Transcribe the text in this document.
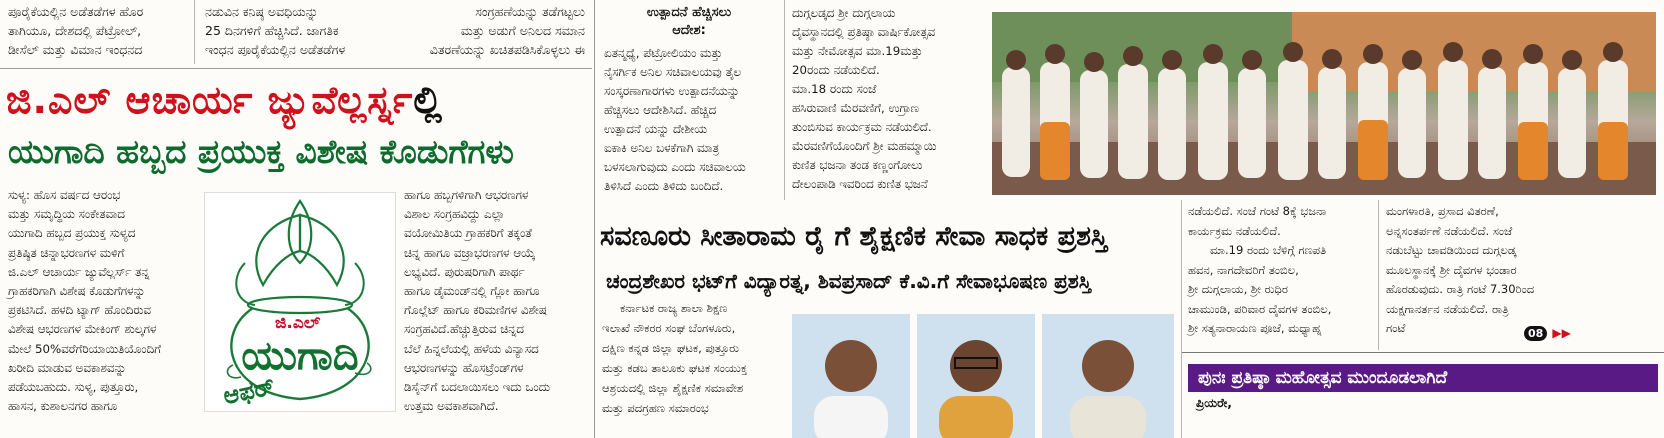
ಪೂರೈಕೆಯಲ್ಲಿನ ಅಡೆತಡೆಗಳ ಹೊರ

ತಾಗಿಯೂ, ದೇಶದಲ್ಲಿ ಪೆಟ್ರೋಲ್,

ಡೀಸೆಲ್ ಮತ್ತು ವಿಮಾನ ಇಂಧನದ

ನಡುವಿನ ಕನಿಷ್ಠ ಅವಧಿಯನ್ನು

25 ದಿನಗಳಿಗೆ ಹೆಚ್ಚಿಸಿದೆ. ಜಾಗತಿಕ

ಇಂಧನ ಪೂರೈಕೆಯಲ್ಲಿನ ಅಡೆತಡೆಗಳ

ಸಂಗ್ರಹಣೆಯನ್ನು ತಡೆಗಟ್ಟಲು

ಮತ್ತು ಅಡುಗೆ ಅನಿಲದ ಸಮಾನ

ವಿತರಣೆಯನ್ನು ಖಚಿತಪಡಿಸಿಕೊಳ್ಳಲು ಈ

ಜಿ.ಎಲ್ ಆಚಾರ್ಯ ಜ್ಯುವೆಲ್ಲರ್ಸ್ನಲ್ಲಿ
ಯುಗಾದಿ ಹಬ್ಬದ ಪ್ರಯುಕ್ತ ವಿಶೇಷ ಕೊಡುಗೆಗಳು

ಸುಳ್ಯ: ಹೊಸ ವರ್ಷದ ಆರಂಭ

ಮತ್ತು ಸಮೃದ್ಧಿಯ ಸಂಕೇತವಾದ

ಯುಗಾದಿ ಹಬ್ಬದ ಪ್ರಯುಕ್ತ ಸುಳ್ಯದ

ಪ್ರತಿಷ್ಠಿತ ಚಿನ್ನಾಭರಣಗಳ ಮಳಿಗೆ

ಜಿ.ಎಲ್ ಆಚಾರ್ಯ ಜ್ಯುವೆಲ್ಲರ್ಸ್ ತನ್ನ

ಗ್ರಾಹಕರಿಗಾಗಿ ವಿಶೇಷ ಕೊಡುಗೆಗಳನ್ನು

ಪ್ರಕಟಿಸಿದೆ. ಹಳದಿ ಟ್ಯಾಗ್ ಹೊಂದಿರುವ

ವಿಶೇಷ ಆಭರಣಗಳ ಮೇಕಿಂಗ್ ಶುಲ್ಕಗಳ

ಮೇಲೆ 50%ವರೆಗೆರಿಯಾಯಿತಿಯೊಂದಿಗೆ

ಖರೀದಿ ಮಾಡುವ ಅವಕಾಶವನ್ನು

ಪಡೆಯಬಹುದು. ಸುಳ್ಯ, ಪುತ್ತೂರು,

ಹಾಸನ, ಕುಶಾಲನಗರ ಹಾಗೂ

ಜಿ.ಎಲ್
ಯುಗಾದಿ
ಆಫರ್

ಹಾಗೂ ಹಬ್ಬಗಳಿಗಾಗಿ ಆಭರಣಗಳ

ವಿಶಾಲ ಸಂಗ್ರಹವಿದ್ದು ಎಲ್ಲಾ

ವಯೋಮಿತಿಯ ಗ್ರಾಹಕರಿಗೆ ತಕ್ಕಂತೆ

ಚಿನ್ನ ಹಾಗೂ ವಜ್ರಾಭರಣಗಳ ಆಯ್ಕೆ

ಲಭ್ಯವಿದೆ. ಪುರುಷರಿಗಾಗಿ ಪಾರ್ಥ

ಹಾಗೂ ಡೈಮಂಡ್‌ನಲ್ಲಿ ಗ್ಲೋ ಹಾಗೂ

ಗೊಲ್ಲೆಟ್ ಹಾಗೂ ಕರಿಮಣಿಗಳ ವಿಶೇಷ

ಸಂಗ್ರಹವಿದೆ.ಹೆಚ್ಚುತ್ತಿರುವ ಚಿನ್ನದ

ಬೆಲೆ ಹಿನ್ನಲೆಯಲ್ಲಿ ಹಳೆಯ ವಿನ್ಯಾಸದ

ಆಭರಣಗಳನ್ನು ಹೊಸಟ್ರೆಂಡ್‌ಗಳ

ಡಿಸೈನ್‌ಗೆ ಬದಲಾಯಿಸಲು ಇದು ಒಂದು

ಉತ್ತಮ ಅವಕಾಶವಾಗಿದೆ.

ಉತ್ಪಾದನೆ ಹೆಚ್ಚಿಸಲು
ಆದೇಶ:

ಏತನ್ಮಧ್ಯೆ, ಪೆಟ್ರೋಲಿಯಂ ಮತ್ತು

ನೈಸರ್ಗಿಕ ಅನಿಲ ಸಚಿವಾಲಯವು ತೈಲ

ಸಂಸ್ಕರಣಾಗಾರಗಳು ಉತ್ಪಾದನೆಯನ್ನು

ಹೆಚ್ಚಿಸಲು ಆದೇಶಿಸಿದೆ. ಹೆಚ್ಚಿದ

ಉತ್ಪಾದನೆ ಯನ್ನು ದೇಶೀಯ

ಐಕಾಕಿ ಅನಿಲ ಬಳಕೆಗಾಗಿ ಮಾತ್ರ

ಬಳಸಲಾಗುವುದು ಎಂದು ಸಚಿವಾಲಯ

ತಿಳಿಸಿದೆ ಎಂದು ತಿಳಿದು ಬಂದಿದೆ.

ದುಗ್ಗಲಡ್ಕದ ಶ್ರೀ ದುಗ್ಗಲಾಯ

ದೈವಸ್ಥಾನದಲ್ಲಿ ಪ್ರತಿಷ್ಠಾ ವಾರ್ಷಿಕೋತ್ಸವ

ಮತ್ತು ನೇಮೋತ್ಸವ ಮಾ.19ಮತ್ತು

20ರಂದು ನಡೆಯಲಿದೆ.

ಮಾ.18 ರಂದು ಸಂಜೆ

ಹಸಿರುವಾಣಿ ಮೆರವಣಿಗೆ, ಉಗ್ರಾಣ

ತುಂಬಿಸುವ ಕಾರ್ಯಕ್ರಮ ನಡೆಯಲಿದೆ.

ಮೆರವಣಿಗೆಯೊಂದಿಗೆ ಶ್ರೀ ಮಹಮ್ಮಾಯಿ

ಕುಣಿತ ಭಜನಾ ತಂಡ ಕಣ್ಣಂಗೋಲು

ದೇಲಂಪಾಡಿ ಇವರಿಂದ ಕುಣಿತ ಭಜನೆ

ಸವಣೂರು ಸೀತಾರಾಮ ರೈ ಗೆ ಶೈಕ್ಷಣಿಕ ಸೇವಾ ಸಾಧಕ ಪ್ರಶಸ್ತಿ
ಚಂದ್ರಶೇಖರ ಭಟ್‌ಗೆ ವಿದ್ಯಾರತ್ನ, ಶಿವಪ್ರಸಾದ್ ಕೆ.ವಿ.ಗೆ ಸೇವಾಭೂಷಣ ಪ್ರಶಸ್ತಿ

ಕರ್ನಾಟಕ ರಾಜ್ಯ ಶಾಲಾ ಶಿಕ್ಷಣ

ಇಲಾಖೆ ನೌಕರರ ಸಂಘ ಬೆಂಗಳೂರು,

ದಕ್ಷಿಣ ಕನ್ನಡ ಜಿಲ್ಲಾ ಘಟಕ, ಪುತ್ತೂರು

ಮತ್ತು ಕಡಬ ತಾಲೂಕು ಘಟಕ ಸಂಯುಕ್ತ

ಆಶ್ರಯದಲ್ಲಿ ಜಿಲ್ಲಾ ಶೈಕ್ಷಣಿಕ ಸಮಾವೇಶ

ಮತ್ತು ಪದಗ್ರಹಣ ಸಮಾರಂಭ

ನಡೆಯಲಿದೆ. ಸಂಜೆ ಗಂಟೆ 8ಕ್ಕೆ ಭಜನಾ

ಕಾರ್ಯಕ್ರಮ ನಡೆಯಲಿದೆ.

ಮಾ.19 ರಂದು ಬೆಳಿಗ್ಗೆ ಗಣಪತಿ

ಹವನ, ನಾಗದೇವರಿಗೆ ತಂಬಿಲ,

ಶ್ರೀ ದುಗ್ಗಲಾಯ, ಶ್ರೀ ರುಧಿರ

ಚಾಮುಂಡಿ, ಪರಿವಾರ ದೈವಗಳ ತಂಬಿಲ,

ಶ್ರೀ ಸತ್ಯನಾರಾಯಣ ಪೂಜೆ, ಮಧ್ಯಾಹ್ನ

ಮಂಗಳಾರತಿ, ಪ್ರಸಾದ ವಿತರಣೆ,

ಅನ್ನಸಂತರ್ಪಣೆ ನಡೆಯಲಿದೆ. ಸಂಜೆ

ನಡುಬೆಟ್ಟು ಚಾವಡಿಯಿಂದ ದುಗ್ಗಲಡ್ಕ

ಮೂಲಸ್ಥಾನಕ್ಕೆ ಶ್ರೀ ದೈವಗಳ ಭಂಡಾರ

ಹೊರಡುವುದು. ರಾತ್ರಿ ಗಂಟೆ 7.30ರಿಂದ

ಯಕ್ಷಗಾನರ್ತನ ನಡೆಯಲಿದೆ. ರಾತ್ರಿ

ಗಂಟೆ	08 ▶▶
ಪುನಃ ಪ್ರತಿಷ್ಠಾ ಮಹೋತ್ಸವ ಮುಂದೂಡಲಾಗಿದೆ
ಪ್ರಿಯರೇ,
